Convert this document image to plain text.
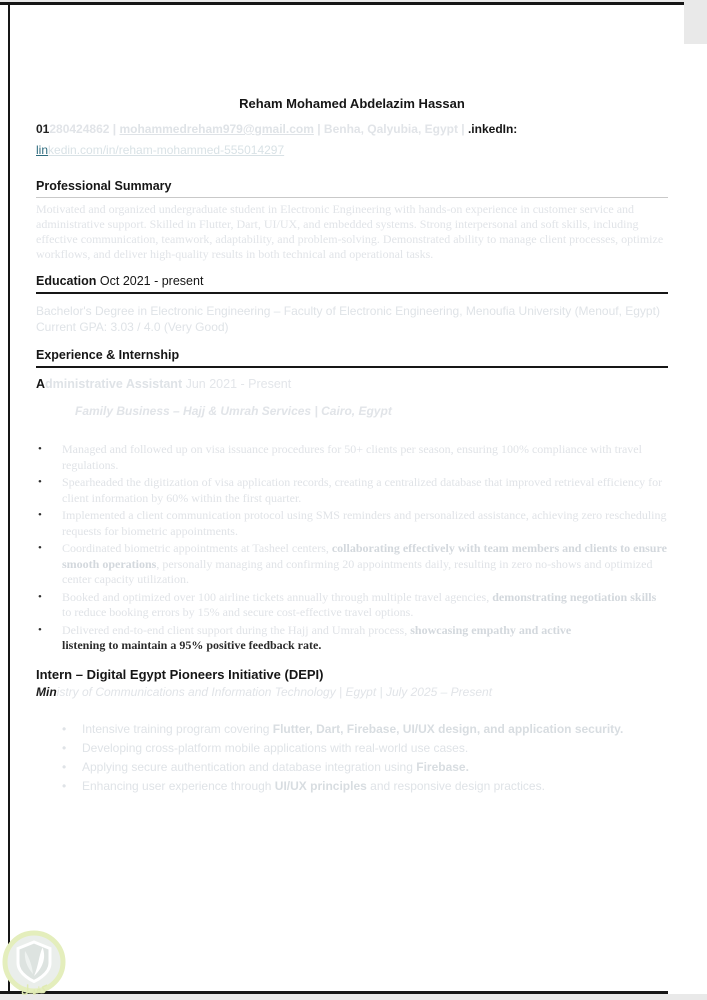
Reham Mohamed Abdelazim Hassan
01280424862 | mohammedreham979@gmail.com | Benha, Qalyubia, Egypt | .inkedIn:
linkedin.com/in/reham-mohammed-555014297
Professional Summary

Motivated and organized undergraduate student in Electronic Engineering with hands-on experience in customer service and administrative support. Skilled in Flutter, Dart, UI/UX, and embedded systems. Strong interpersonal and soft skills, including effective communication, teamwork, adaptability, and problem-solving. Demonstrated ability to manage client processes, optimize workflows, and deliver high-quality results in both technical and operational tasks.

Education Oct 2021 - present
Bachelor's Degree in Electronic Engineering – Faculty of Electronic Engineering, Menoufia University (Menouf, Egypt)
Current GPA: 3.03 / 4.0 (Very Good)
Experience & Internship
Administrative Assistant Jun 2021 - Present
Family Business – Hajj & Umrah Services | Cairo, Egypt
• Managed and followed up on visa issuance procedures for 50+ clients per season, ensuring 100% compliance with travel regulations.
• Spearheaded the digitization of visa application records, creating a centralized database that improved retrieval efficiency for client information by 60% within the first quarter.
• Implemented a client communication protocol using SMS reminders and personalized assistance, achieving zero rescheduling requests for biometric appointments.
• Coordinated biometric appointments at Tasheel centers, collaborating effectively with team members and clients to ensure smooth operations, personally managing and confirming 20 appointments daily, resulting in zero no-shows and optimized center capacity utilization.
• Booked and optimized over 100 airline tickets annually through multiple travel agencies, demonstrating negotiation skills to reduce booking errors by 15% and secure cost-effective travel options.
• Delivered end-to-end client support during the Hajj and Umrah process, showcasing empathy and active
listening to maintain a 95% positive feedback rate.
Intern – Digital Egypt Pioneers Initiative (DEPI)
Ministry of Communications and Information Technology | Egypt | July 2025 – Present
• Intensive training program covering Flutter, Dart, Firebase, UI/UX design, and application security.
• Developing cross-platform mobile applications with real-world use cases.
• Applying secure authentication and database integration using Firebase.
• Enhancing user experience through UI/UX principles and responsive design practices.
كفيـل
